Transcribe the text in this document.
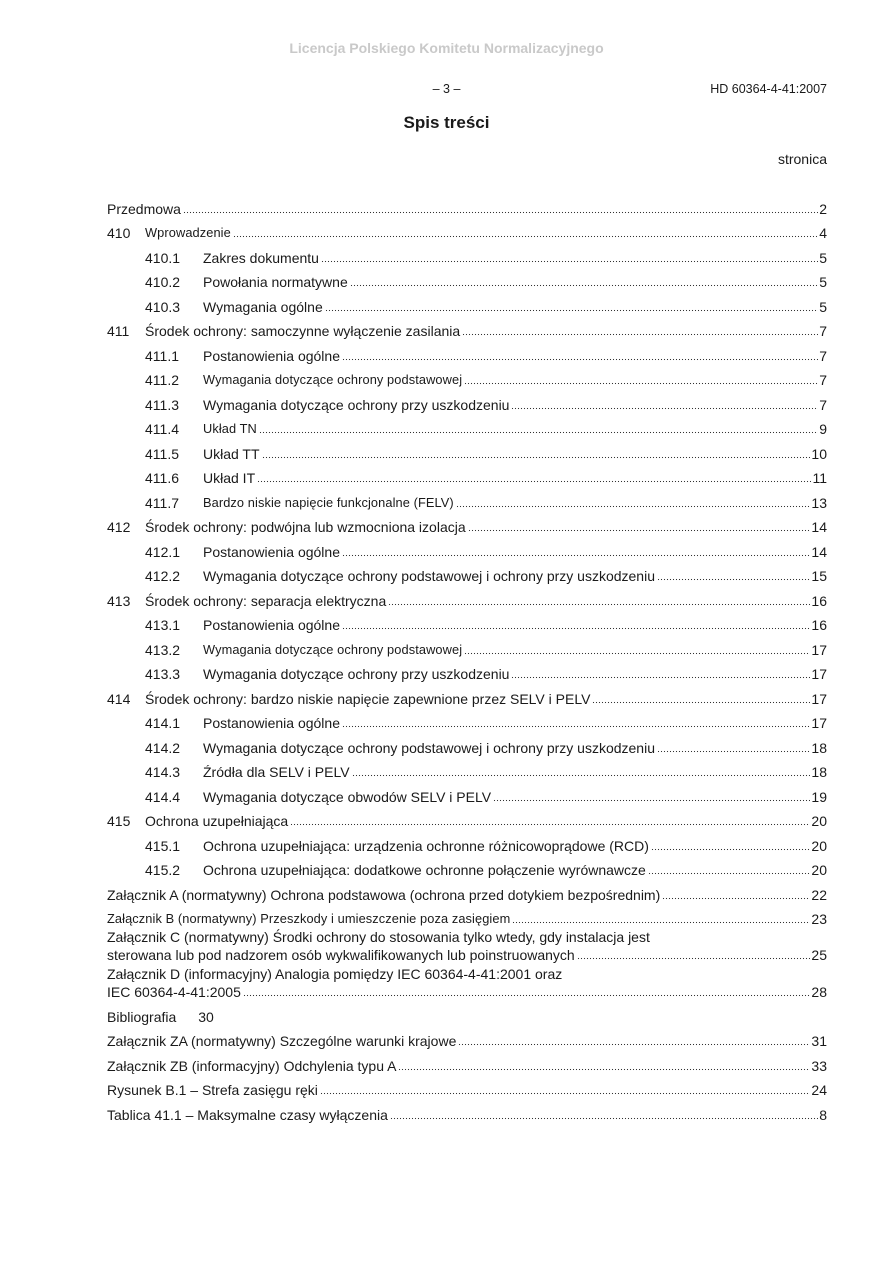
Licencja Polskiego Komitetu Normalizacyjnego
– 3 –	HD 60364-4-41:2007
Spis treści
stronica
Przedmowa	2
410	Wprowadzenie	4
410.1	Zakres dokumentu	5
410.2	Powołania normatywne	5
410.3	Wymagania ogólne	5
411	Środek ochrony: samoczynne wyłączenie zasilania	7
411.1	Postanowienia ogólne	7
411.2	Wymagania dotyczące ochrony podstawowej	7
411.3	Wymagania dotyczące ochrony przy uszkodzeniu	7
411.4	Układ TN	9
411.5	Układ TT	10
411.6	Układ IT	11
411.7	Bardzo niskie napięcie funkcjonalne (FELV)	13
412	Środek ochrony: podwójna lub wzmocniona izolacja	14
412.1	Postanowienia ogólne	14
412.2	Wymagania dotyczące ochrony podstawowej i ochrony przy uszkodzeniu	15
413	Środek ochrony: separacja elektryczna	16
413.1	Postanowienia ogólne	16
413.2	Wymagania dotyczące ochrony podstawowej	17
413.3	Wymagania dotyczące ochrony przy uszkodzeniu	17
414	Środek ochrony: bardzo niskie napięcie zapewnione przez SELV i PELV	17
414.1	Postanowienia ogólne	17
414.2	Wymagania dotyczące ochrony podstawowej i ochrony przy uszkodzeniu	18
414.3	Źródła dla SELV i PELV	18
414.4	Wymagania dotyczące obwodów SELV i PELV	19
415	Ochrona uzupełniająca	20
415.1	Ochrona uzupełniająca: urządzenia ochronne różnicowoprądowe (RCD)	20
415.2	Ochrona uzupełniająca: dodatkowe ochronne połączenie wyrównawcze	20
Załącznik A (normatywny) Ochrona podstawowa (ochrona przed dotykiem bezpośrednim)	22
Załącznik B (normatywny) Przeszkody i umieszczenie poza zasięgiem	23
Załącznik C (normatywny) Środki ochrony do stosowania tylko wtedy, gdy instalacja jest
sterowana lub pod nadzorem osób wykwalifikowanych lub poinstruowanych	25
Załącznik D (informacyjny) Analogia pomiędzy IEC 60364-4-41:2001 oraz
IEC 60364-4-41:2005	28
Bibliografia 30
Załącznik ZA (normatywny) Szczególne warunki krajowe	31
Załącznik ZB (informacyjny) Odchylenia typu A	33
Rysunek B.1 – Strefa zasięgu ręki	24
Tablica 41.1 – Maksymalne czasy wyłączenia	8
